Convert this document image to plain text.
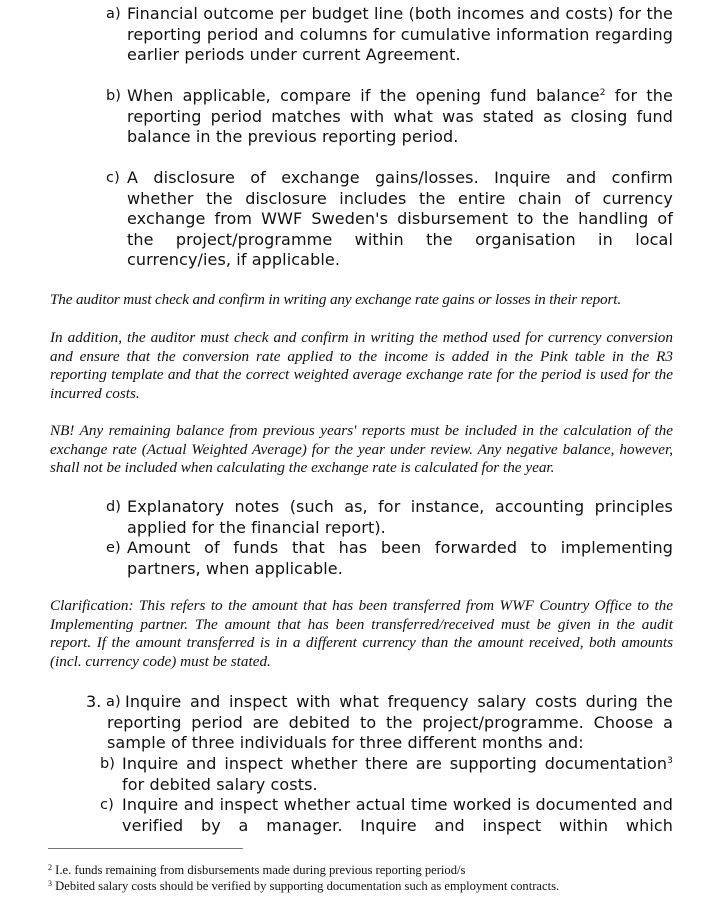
a) Financial outcome per budget line (both incomes and costs) for the reporting period and columns for cumulative information regarding earlier periods under current Agreement.
b) When applicable, compare if the opening fund balance$^2$ for the reporting period matches with what was stated as closing fund balance in the previous reporting period.
c) A disclosure of exchange gains/losses. Inquire and confirm whether the disclosure includes the entire chain of currency exchange from WWF Sweden's disbursement to the handling of the project/programme within the organisation in local currency/ies, if applicable.
The auditor must check and confirm in writing any exchange rate gains or losses in their report.
In addition, the auditor must check and confirm in writing the method used for currency conversion and ensure that the conversion rate applied to the income is added in the Pink table in the R3 reporting template and that the correct weighted average exchange rate for the period is used for the incurred costs.
NB! Any remaining balance from previous years' reports must be included in the calculation of the exchange rate (Actual Weighted Average) for the year under review. Any negative balance, however, shall not be included when calculating the exchange rate is calculated for the year.
d) Explanatory notes (such as, for instance, accounting principles applied for the financial report).
e) Amount of funds that has been forwarded to implementing partners, when applicable.
Clarification: This refers to the amount that has been transferred from WWF Country Office to the Implementing partner. The amount that has been transferred/received must be given in the audit report. If the amount transferred is in a different currency than the amount received, both amounts (incl. currency code) must be stated.
3. a) Inquire and inspect with what frequency salary costs during the reporting period are debited to the project/programme. Choose a sample of three individuals for three different months and:
b) Inquire and inspect whether there are supporting documentation$^3$ for debited salary costs.
c) Inquire and inspect whether actual time worked is documented and verified by a manager. Inquire and inspect within which
$^2$ I.e. funds remaining from disbursements made during previous reporting period/s
$^3$ Debited salary costs should be verified by supporting documentation such as employment contracts.
